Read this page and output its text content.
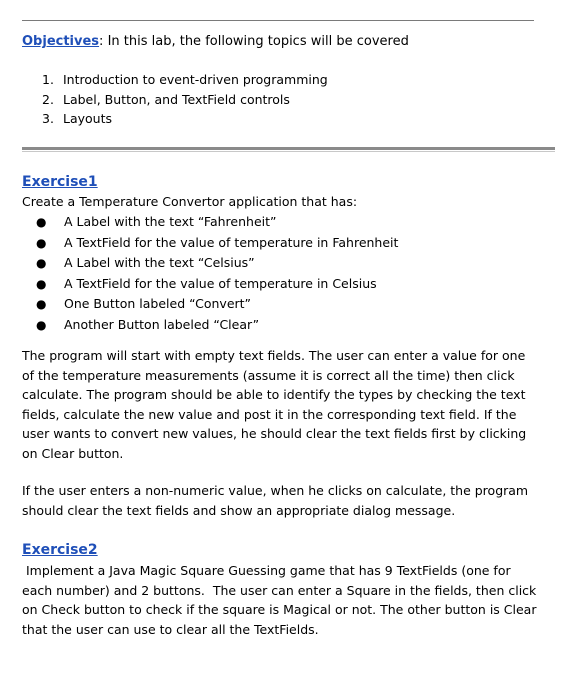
Objectives: In this lab, the following topics will be covered
1. Introduction to event-driven programming
2. Label, Button, and TextField controls
3. Layouts
Exercise1
Create a Temperature Convertor application that has:
● A Label with the text “Fahrenheit”
● A TextField for the value of temperature in Fahrenheit
● A Label with the text “Celsius”
● A TextField for the value of temperature in Celsius
● One Button labeled “Convert”
● Another Button labeled “Clear”
The program will start with empty text fields. The user can enter a value for one
of the temperature measurements (assume it is correct all the time) then click
calculate. The program should be able to identify the types by checking the text
fields, calculate the new value and post it in the corresponding text field. If the
user wants to convert new values, he should clear the text fields first by clicking
on Clear button.
If the user enters a non-numeric value, when he clicks on calculate, the program
should clear the text fields and show an appropriate dialog message.
Exercise2
Implement a Java Magic Square Guessing game that has 9 TextFields (one for
each number) and 2 buttons.  The user can enter a Square in the fields, then click
on Check button to check if the square is Magical or not. The other button is Clear
that the user can use to clear all the TextFields.
